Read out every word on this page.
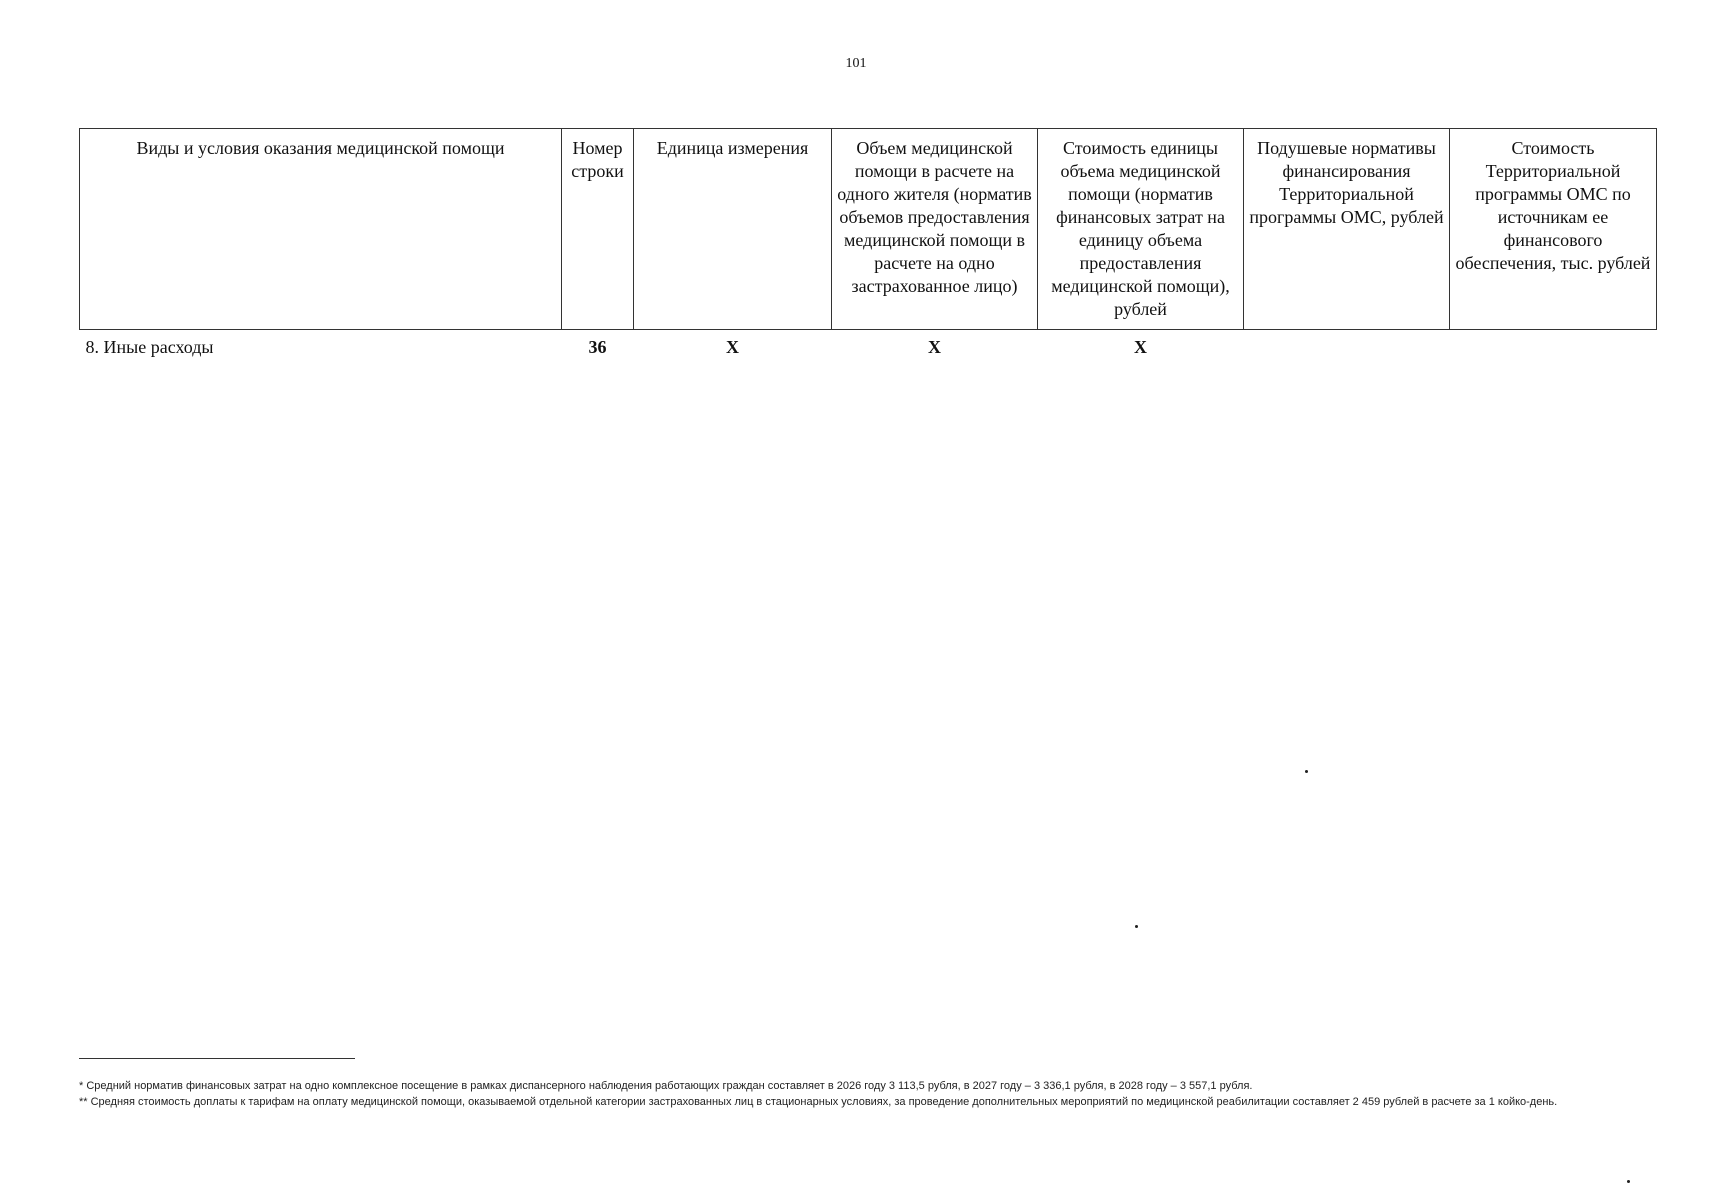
101
Виды и условия оказания медицинской помощи	Номер строки	Единица измерения	Объем медицинской помощи в расчете на одного жителя (норматив объемов предоставления медицинской помощи в расчете на одно застрахованное лицо)	Стоимость единицы объема медицинской помощи (норматив финансовых затрат на единицу объема предоставления медицинской помощи), рублей	Подушевые нормативы финансирования Территориальной программы ОМС, рублей	Стоимость Территориальной программы ОМС по источникам ее финансового обеспечения, тыс. рублей
8. Иные расходы	36	X	X	X		

* Средний норматив финансовых затрат на одно комплексное посещение в рамках диспансерного наблюдения работающих граждан составляет в 2026 году 3 113,5 рубля, в 2027 году – 3 336,1 рубля, в 2028 году – 3 557,1 рубля.

** Средняя стоимость доплаты к тарифам на оплату медицинской помощи, оказываемой отдельной категории застрахованных лиц в стационарных условиях, за проведение дополнительных мероприятий по медицинской реабилитации составляет 2 459 рублей в расчете за 1 койко-день.
